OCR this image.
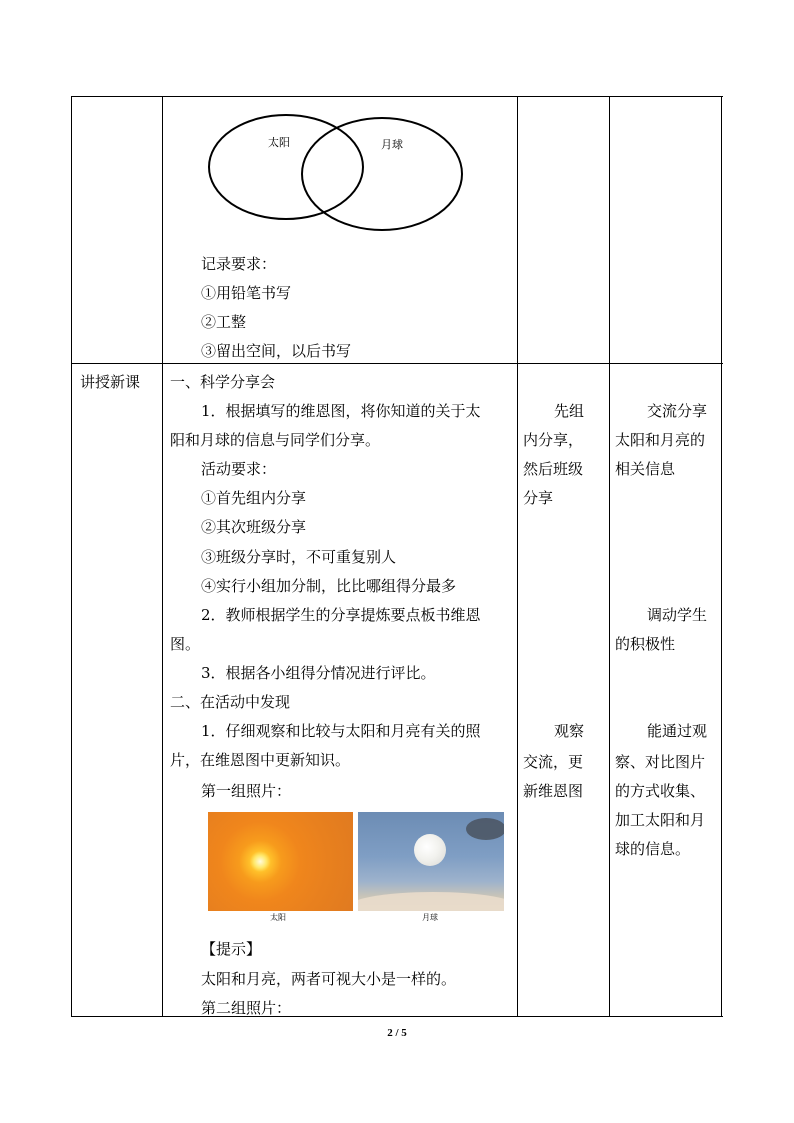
太阳	月球
记录要求：
①用铅笔书写
②工整
③留出空间，以后书写
讲授新课 一、科学分享会
1．根据填写的维恩图，将你知道的关于太
阳和月球的信息与同学们分享。
活动要求：
①首先组内分享
②其次班级分享
③班级分享时，不可重复别人
④实行小组加分制，比比哪组得分最多
2．教师根据学生的分享提炼要点板书维恩
图。
3．根据各小组得分情况进行评比。
二、在活动中发现
1．仔细观察和比较与太阳和月亮有关的照
片，在维恩图中更新知识。
第一组照片：
太阳	月球
【提示】
太阳和月亮，两者可视大小是一样的。
第二组照片：
先组
内分享，
然后班级
分享
观察
交流，更
新维恩图
交流分享
太阳和月亮的
相关信息
调动学生
的积极性
能通过观
察、对比图片
的方式收集、
加工太阳和月
球的信息。
2 / 5
